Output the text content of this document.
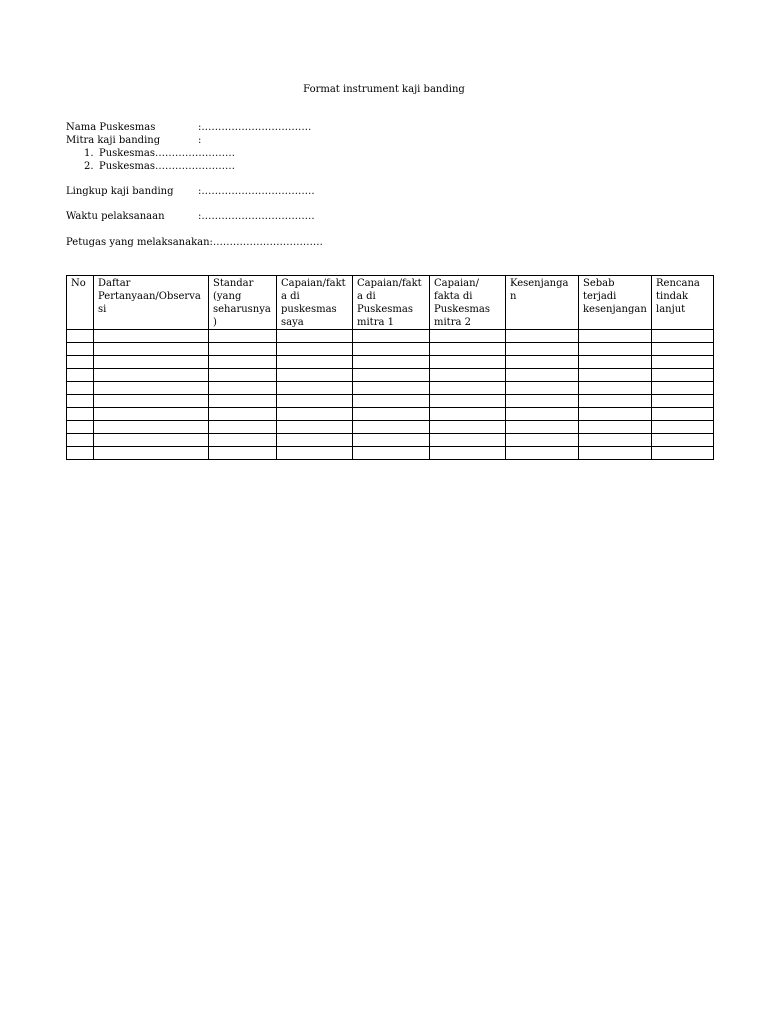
Format instrument kaji banding
Nama Puskesmas	:……………………………
Mitra kaji banding	:
1. Puskesmas……………………
2. Puskesmas……………………
Lingkup kaji banding :…………………………….
Waktu pelaksanaan	:…………………………….
Petugas yang melaksanakan:……………………………
No	Daftar Pertanyaan/Observasi	Standar (yang seharusnya )	Capaian/fakta di puskesmas saya	Capaian/fakta di Puskesmas mitra 1	Capaian/ fakta di Puskesmas mitra 2	Kesenjangan	Sebab terjadi kesenjangan	Rencana tindak lanjut
